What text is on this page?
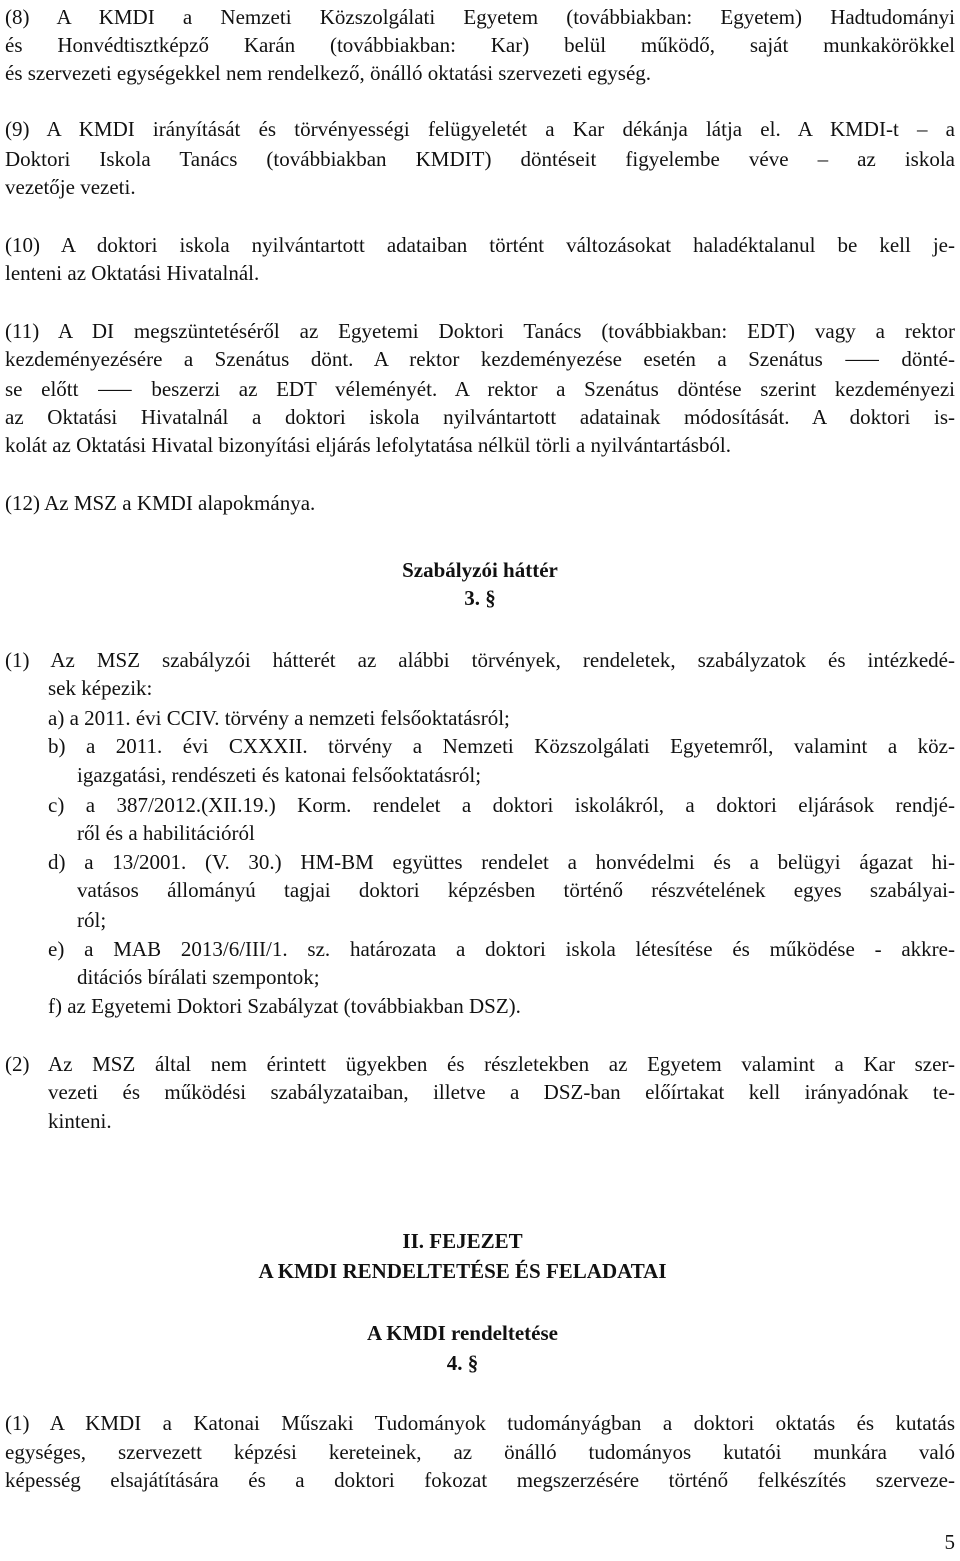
(8) A KMDI a Nemzeti Közszolgálati Egyetem (továbbiakban: Egyetem) Hadtudományi
és Honvédtisztképző Karán (továbbiakban: Kar) belül működő, saját munkakörökkel
és szervezeti egységekkel nem rendelkező, önálló oktatási szervezeti egység.
(9) A KMDI irányítását és törvényességi felügyeletét a Kar dékánja látja el. A KMDI-t – a
Doktori Iskola Tanács (továbbiakban KMDIT) döntéseit figyelembe véve – az iskola
vezetője vezeti.
(10) A doktori iskola nyilvántartott adataiban történt változásokat haladéktalanul be kell je-
lenteni az Oktatási Hivatalnál.
(11) A DI megszüntetéséről az Egyetemi Doktori Tanács (továbbiakban: EDT) vagy a rektor
kezdeményezésére a Szenátus dönt. A rektor kezdeményezése esetén a Szenátus ⸺ dönté-
se előtt ⸺ beszerzi az EDT véleményét. A rektor a Szenátus döntése szerint kezdeményezi
az Oktatási Hivatalnál a doktori iskola nyilvántartott adatainak módosítását. A doktori is-
kolát az Oktatási Hivatal bizonyítási eljárás lefolytatása nélkül törli a nyilvántartásból.
(12) Az MSZ a KMDI alapokmánya.
Szabályzói háttér
3. §
(1) Az MSZ szabályzói hátterét az alábbi törvények, rendeletek, szabályzatok és intézkedé-
sek képezik:
a) a 2011. évi CCIV. törvény a nemzeti felsőoktatásról;
b) a 2011. évi CXXXII. törvény a Nemzeti Közszolgálati Egyetemről, valamint a köz-
igazgatási, rendészeti és katonai felsőoktatásról;
c) a 387/2012.(XII.19.) Korm. rendelet a doktori iskolákról, a doktori eljárások rendjé-
ről és a habilitációról
d) a 13/2001. (V. 30.) HM-BM együttes rendelet a honvédelmi és a belügyi ágazat hi-
vatásos állományú tagjai doktori képzésben történő részvételének egyes szabályai-
ról;
e) a MAB 2013/6/III/1. sz. határozata a doktori iskola létesítése és működése - akkre-
ditációs bírálati szempontok;
f) az Egyetemi Doktori Szabályzat (továbbiakban DSZ).
(2) Az MSZ által nem érintett ügyekben és részletekben az Egyetem valamint a Kar szer-
vezeti és működési szabályzataiban, illetve a DSZ-ban előírtakat kell irányadónak te-
kinteni.
II. FEJEZET
A KMDI RENDELTETÉSE ÉS FELADATAI
A KMDI rendeltetése
4. §
(1) A KMDI a Katonai Műszaki Tudományok tudományágban a doktori oktatás és kutatás
egységes, szervezett képzési kereteinek, az önálló tudományos kutatói munkára való
képesség elsajátítására és a doktori fokozat megszerzésére történő felkészítés szerveze-
5
